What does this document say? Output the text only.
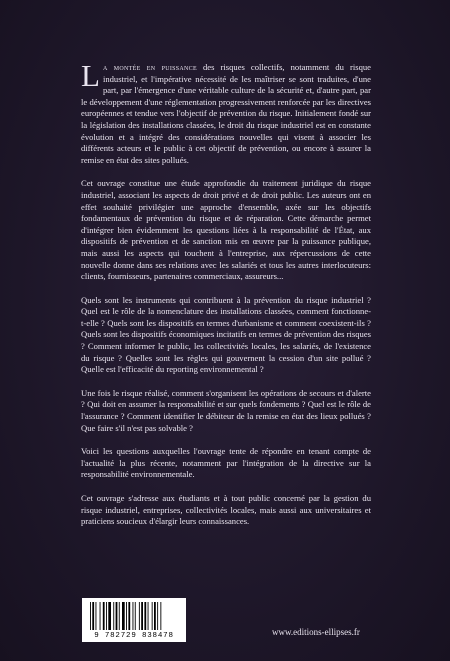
La montée en puissance des risques collectifs, notamment du risque industriel, et l'impérative nécessité de les maîtriser se sont traduites, d'une part, par l'émergence d'une véritable culture de la sécurité et, d'autre part, par le développement d'une réglementation progressivement renforcée par les directives européennes et tendue vers l'objectif de prévention du risque. Initialement fondé sur la législation des installations classées, le droit du risque industriel est en constante évolution et a intégré des considérations nouvelles qui visent à associer les différents acteurs et le public à cet objectif de prévention, ou encore à assurer la remise en état des sites pollués.

Cet ouvrage constitue une étude approfondie du traitement juridique du risque industriel, associant les aspects de droit privé et de droit public. Les auteurs ont en effet souhaité privilégier une approche d'ensemble, axée sur les objectifs fondamentaux de prévention du risque et de réparation. Cette démarche permet d'intégrer bien évidemment les questions liées à la responsabilité de l'État, aux dispositifs de prévention et de sanction mis en œuvre par la puissance publique, mais aussi les aspects qui touchent à l'entreprise, aux répercussions de cette nouvelle donne dans ses relations avec les salariés et tous les autres interlocuteurs: clients, fournisseurs, partenaires commerciaux, assureurs...

Quels sont les instruments qui contribuent à la prévention du risque industriel ? Quel est le rôle de la nomenclature des installations classées, comment fonctionne-t-elle ? Quels sont les dispositifs en termes d'urbanisme et comment coexistent-ils ? Quels sont les dispositifs économiques incitatifs en termes de prévention des risques ? Comment informer le public, les collectivités locales, les salariés, de l'existence du risque ? Quelles sont les règles qui gouvernent la cession d'un site pollué ? Quelle est l'efficacité du reporting environnemental ?

Une fois le risque réalisé, comment s'organisent les opérations de secours et d'alerte ? Qui doit en assumer la responsabilité et sur quels fondements ? Quel est le rôle de l'assurance ? Comment identifier le débiteur de la remise en état des lieux pollués ? Que faire s'il n'est pas solvable ?

Voici les questions auxquelles l'ouvrage tente de répondre en tenant compte de l'actualité la plus récente, notamment par l'intégration de la directive sur la responsabilité environnementale.

Cet ouvrage s'adresse aux étudiants et à tout public concerné par la gestion du risque industriel, entreprises, collectivités locales, mais aussi aux universitaires et praticiens soucieux d'élargir leurs connaissances.

9 782729 838478	www.editions-ellipses.fr
